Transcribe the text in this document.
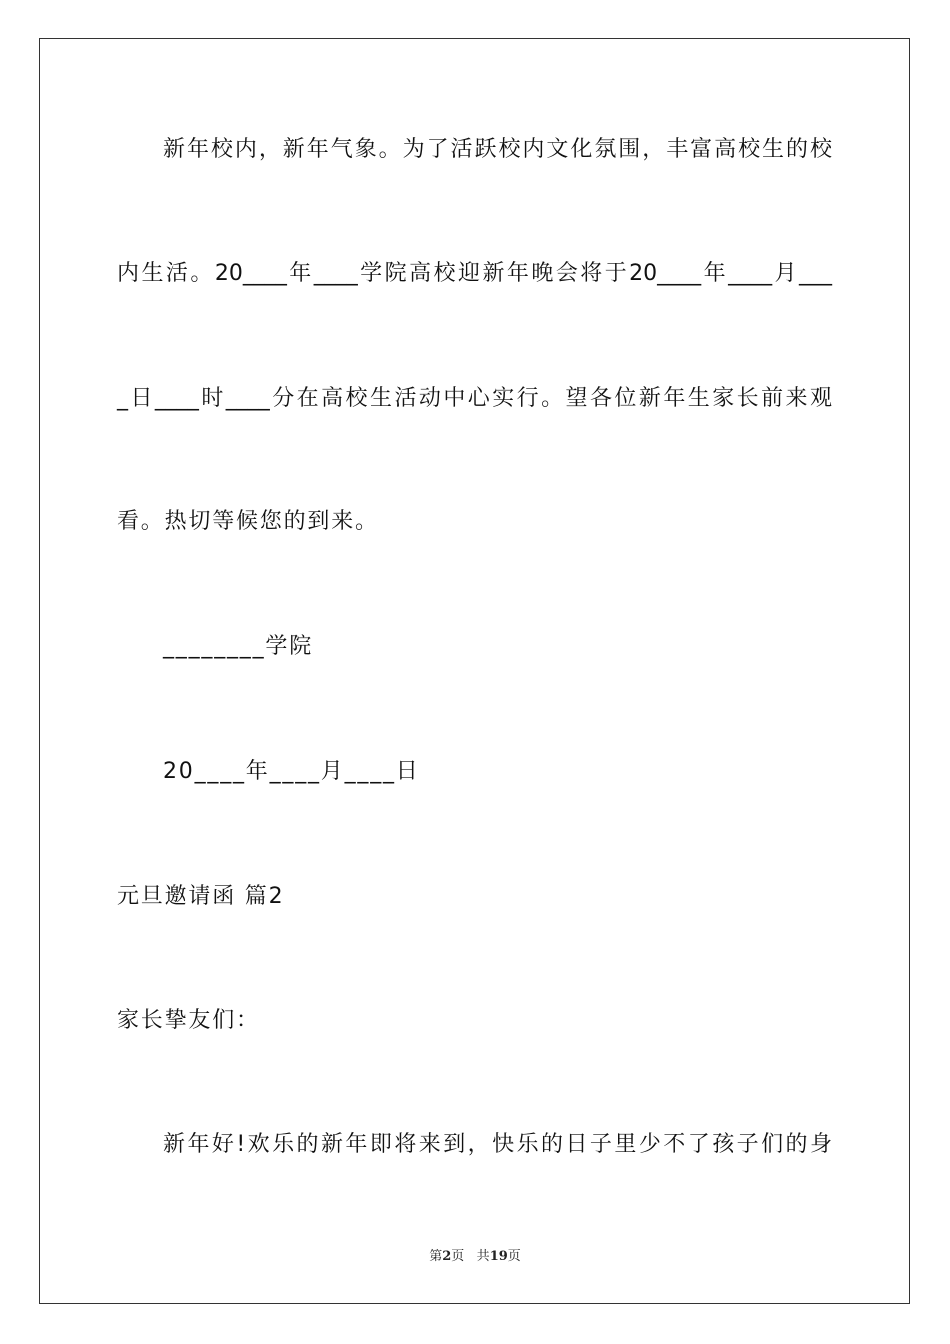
新年校内，新年气象。为了活跃校内文化氛围，丰富高校生的校
内生活。20____年____学院高校迎新年晚会将于20____年____月___
_日____时____分在高校生活动中心实行。望各位新年生家长前来观
看。热切等候您的到来。
________学院
20____年____月____日
元旦邀请函 篇2
家长挚友们：
新年好!欢乐的新年即将来到，快乐的日子里少不了孩子们的身
第2页 共19页
